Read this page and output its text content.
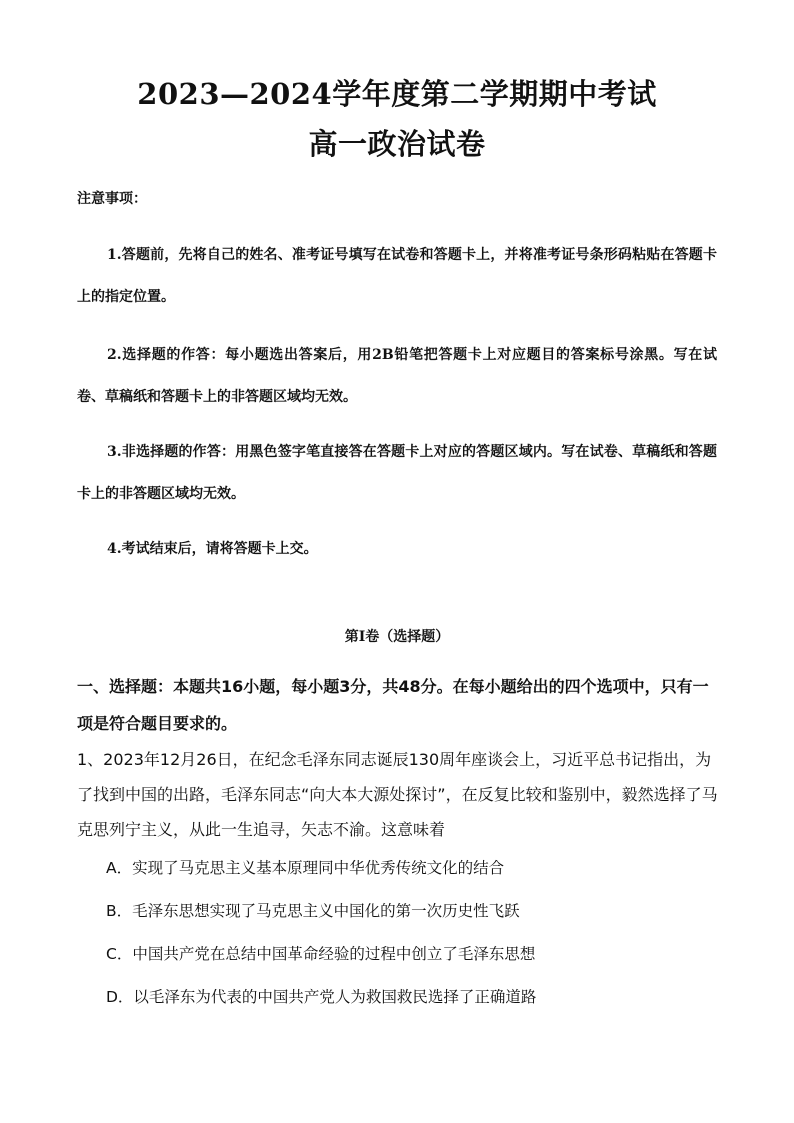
2023—2024学年度第二学期期中考试
高一政治试卷
注意事项：

1.答题前，先将自己的姓名、准考证号填写在试卷和答题卡上，并将准考证号条形码粘贴在答题卡上的指定位置。

2.选择题的作答：每小题选出答案后，用2B铅笔把答题卡上对应题目的答案标号涂黑。写在试卷、草稿纸和答题卡上的非答题区域均无效。

3.非选择题的作答：用黑色签字笔直接答在答题卡上对应的答题区域内。写在试卷、草稿纸和答题卡上的非答题区域均无效。

4.考试结束后，请将答题卡上交。

第Ⅰ卷（选择题）

一、选择题：本题共16小题，每小题3分，共48分。在每小题给出的四个选项中，只有一项是符合题目要求的。

1、2023年12月26日，在纪念毛泽东同志诞辰130周年座谈会上，习近平总书记指出，为了找到中国的出路，毛泽东同志“向大本大源处探讨”，在反复比较和鉴别中，毅然选择了马克思列宁主义，从此一生追寻，矢志不渝。这意味着

A．实现了马克思主义基本原理同中华优秀传统文化的结合
B．毛泽东思想实现了马克思主义中国化的第一次历史性飞跃
C．中国共产党在总结中国革命经验的过程中创立了毛泽东思想
D．以毛泽东为代表的中国共产党人为救国救民选择了正确道路
